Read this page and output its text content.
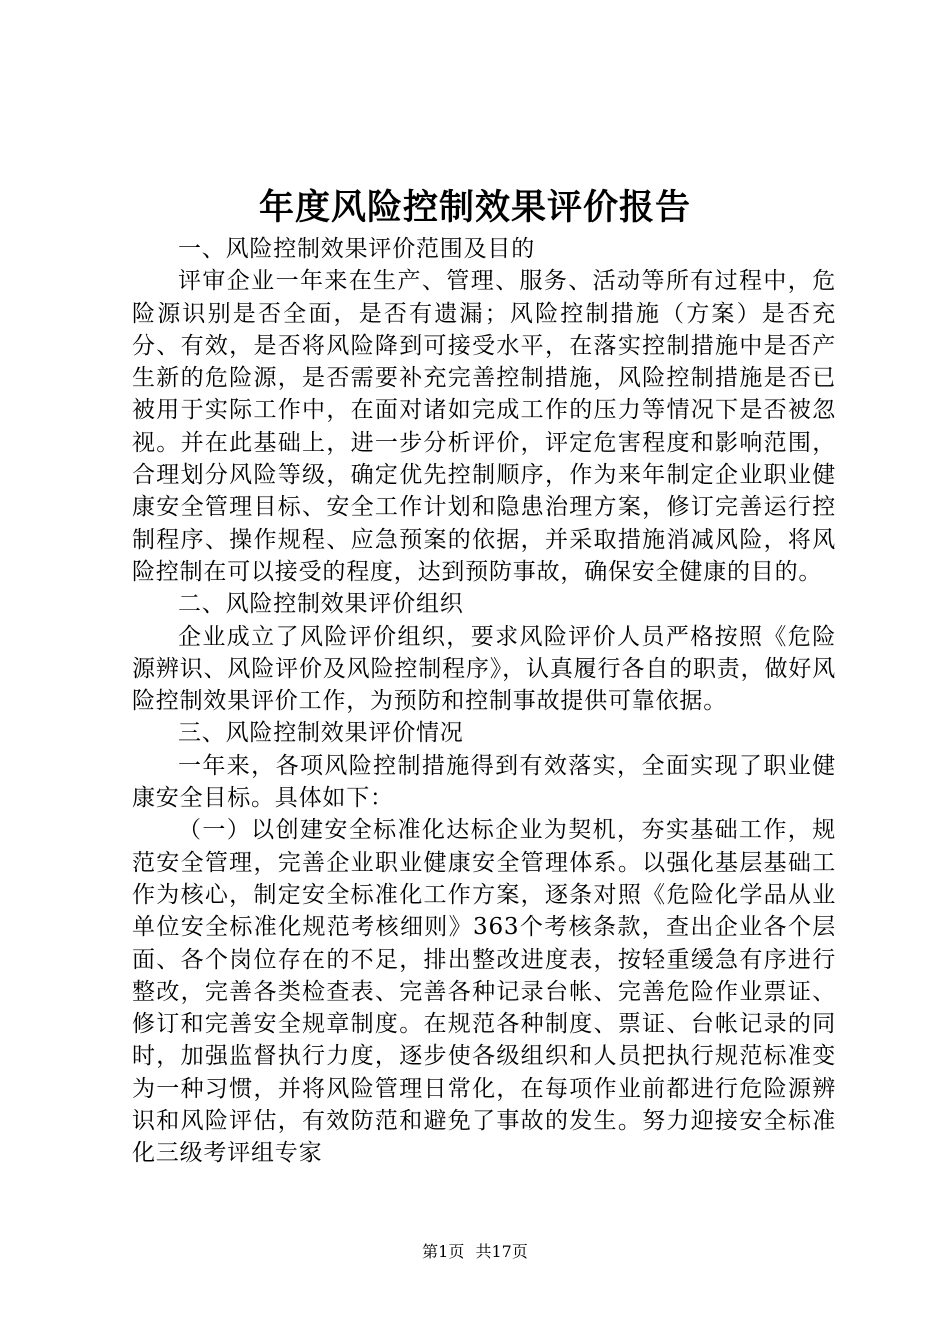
年度风险控制效果评价报告

一、风险控制效果评价范围及目的

评审企业一年来在生产、管理、服务、活动等所有过程中，危险源识别是否全面，是否有遗漏；风险控制措施（方案）是否充分、有效，是否将风险降到可接受水平，在落实控制措施中是否产生新的危险源，是否需要补充完善控制措施，风险控制措施是否已被用于实际工作中，在面对诸如完成工作的压力等情况下是否被忽视。并在此基础上，进一步分析评价，评定危害程度和影响范围，合理划分风险等级，确定优先控制顺序，作为来年制定企业职业健康安全管理目标、安全工作计划和隐患治理方案，修订完善运行控制程序、操作规程、应急预案的依据，并采取措施消减风险，将风险控制在可以接受的程度，达到预防事故，确保安全健康的目的。

二、风险控制效果评价组织

企业成立了风险评价组织，要求风险评价人员严格按照《危险源辨识、风险评价及风险控制程序》，认真履行各自的职责，做好风险控制效果评价工作，为预防和控制事故提供可靠依据。

三、风险控制效果评价情况

一年来，各项风险控制措施得到有效落实，全面实现了职业健康安全目标。具体如下：

（一）以创建安全标准化达标企业为契机，夯实基础工作，规范安全管理，完善企业职业健康安全管理体系。以强化基层基础工作为核心，制定安全标准化工作方案，逐条对照《危险化学品从业单位安全标准化规范考核细则》363个考核条款，查出企业各个层面、各个岗位存在的不足，排出整改进度表，按轻重缓急有序进行整改，完善各类检查表、完善各种记录台帐、完善危险作业票证、修订和完善安全规章制度。在规范各种制度、票证、台帐记录的同时，加强监督执行力度，逐步使各级组织和人员把执行规范标准变为一种习惯，并将风险管理日常化，在每项作业前都进行危险源辨识和风险评估，有效防范和避免了事故的发生。努力迎接安全标准化三级考评组专家

第1页 共17页
